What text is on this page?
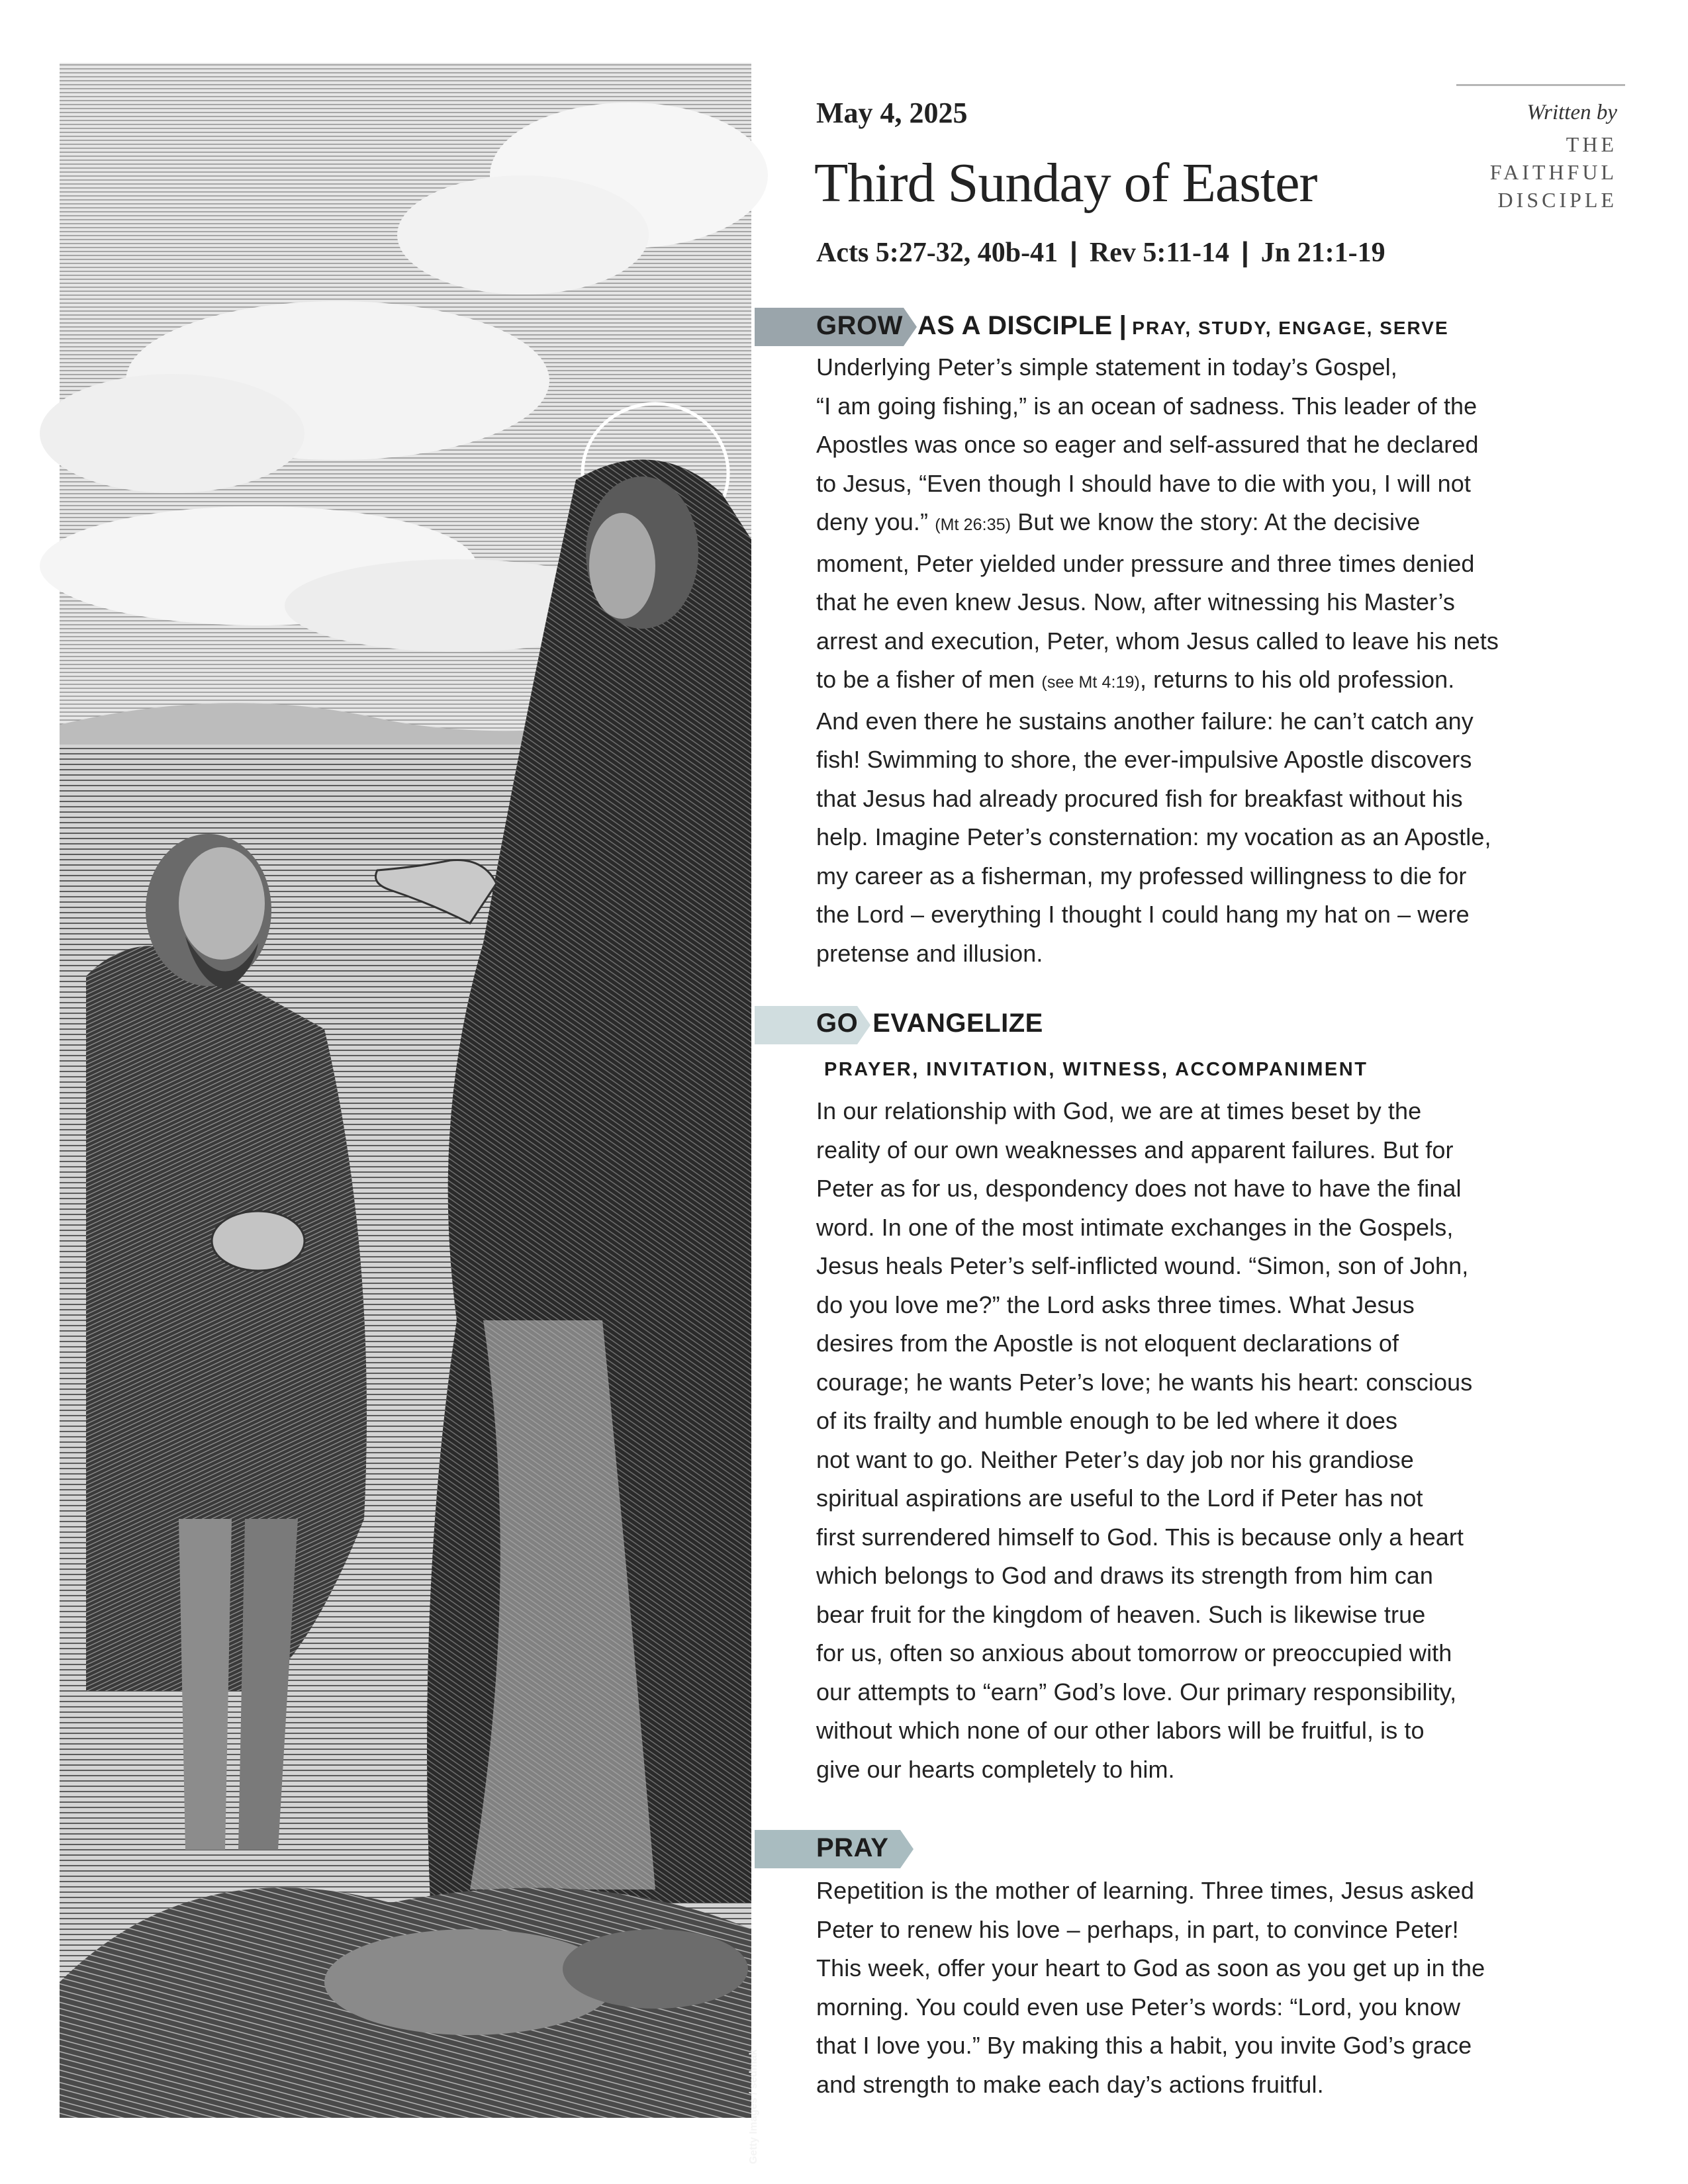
Getty Images / sedmak
May 4, 2025
Third Sunday of Easter
Acts 5:27-32, 40b-41 | Rev 5:11-14 | Jn 21:1-19
Written by
THE
FAITHFUL
DISCIPLE
GROW AS A DISCIPLE | PRAY, STUDY, ENGAGE, SERVE
Underlying Peter’s simple statement in today’s Gospel,
“I am going fishing,” is an ocean of sadness. This leader of the
Apostles was once so eager and self-assured that he declared
to Jesus, “Even though I should have to die with you, I will not
deny you.” (Mt 26:35) But we know the story: At the decisive
moment, Peter yielded under pressure and three times denied
that he even knew Jesus. Now, after witnessing his Master’s
arrest and execution, Peter, whom Jesus called to leave his nets
to be a fisher of men (see Mt 4:19), returns to his old profession.
And even there he sustains another failure: he can’t catch any
fish! Swimming to shore, the ever-impulsive Apostle discovers
that Jesus had already procured fish for breakfast without his
help. Imagine Peter’s consternation: my vocation as an Apostle,
my career as a fisherman, my professed willingness to die for
the Lord – everything I thought I could hang my hat on – were
pretense and illusion.
GO EVANGELIZE
PRAYER, INVITATION, WITNESS, ACCOMPANIMENT
In our relationship with God, we are at times beset by the
reality of our own weaknesses and apparent failures. But for
Peter as for us, despondency does not have to have the final
word. In one of the most intimate exchanges in the Gospels,
Jesus heals Peter’s self-inflicted wound. “Simon, son of John,
do you love me?” the Lord asks three times. What Jesus
desires from the Apostle is not eloquent declarations of
courage; he wants Peter’s love; he wants his heart: conscious
of its frailty and humble enough to be led where it does
not want to go. Neither Peter’s day job nor his grandiose
spiritual aspirations are useful to the Lord if Peter has not
first surrendered himself to God. This is because only a heart
which belongs to God and draws its strength from him can
bear fruit for the kingdom of heaven. Such is likewise true
for us, often so anxious about tomorrow or preoccupied with
our attempts to “earn” God’s love. Our primary responsibility,
without which none of our other labors will be fruitful, is to
give our hearts completely to him.
PRAY
Repetition is the mother of learning. Three times, Jesus asked
Peter to renew his love – perhaps, in part, to convince Peter!
This week, offer your heart to God as soon as you get up in the
morning. You could even use Peter’s words: “Lord, you know
that I love you.” By making this a habit, you invite God’s grace
and strength to make each day’s actions fruitful.
